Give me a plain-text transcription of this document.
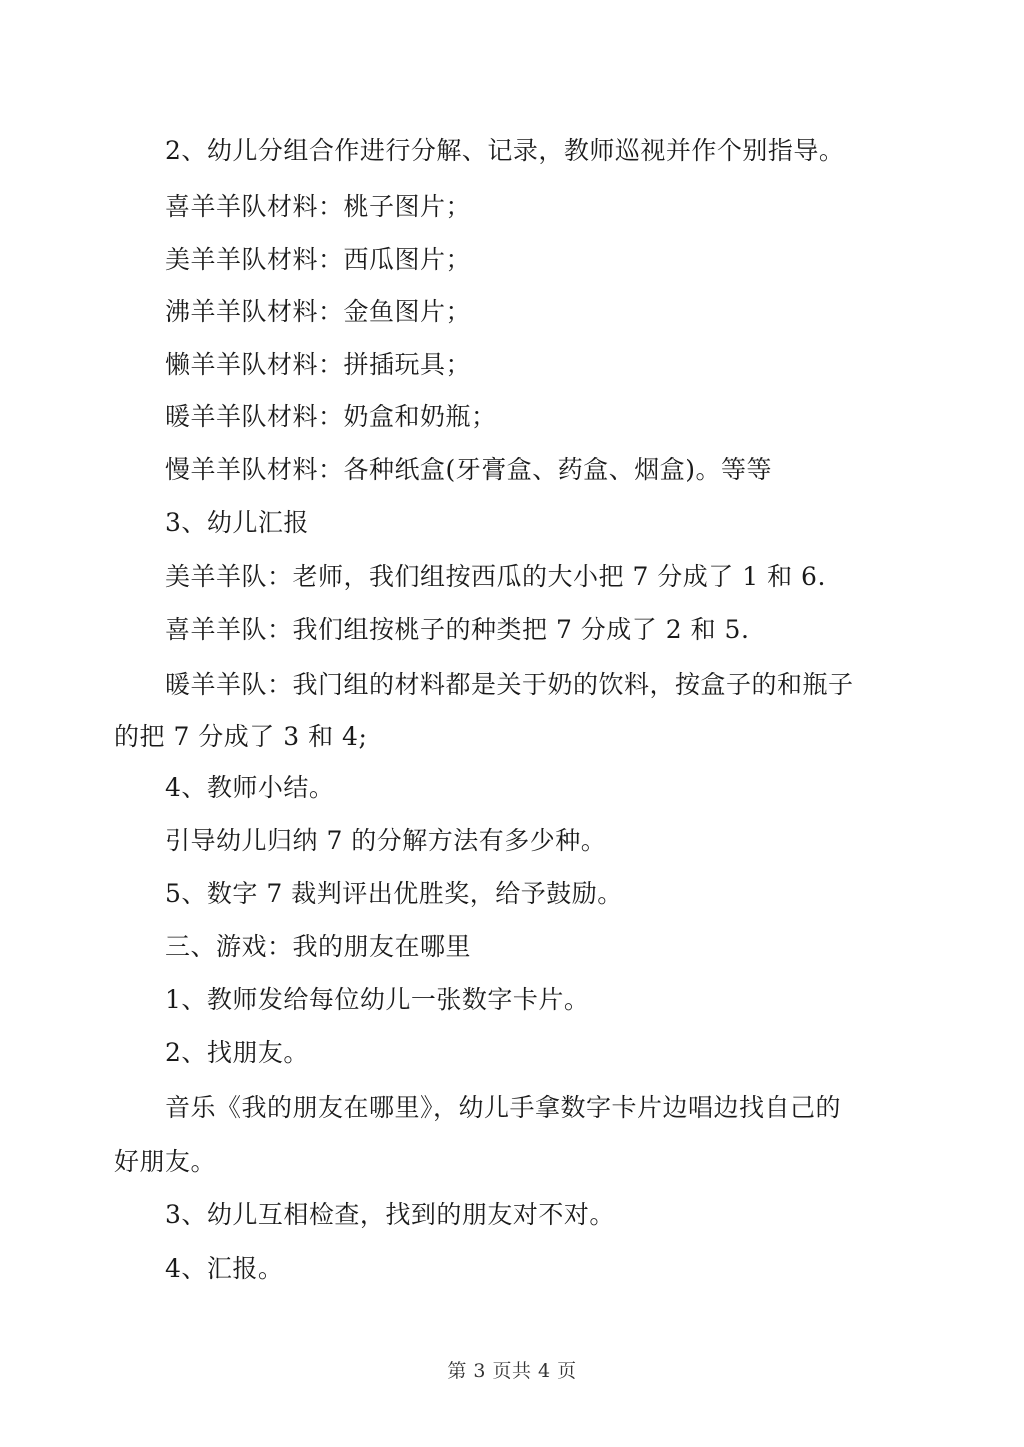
2、幼儿分组合作进行分解、记录，教师巡视并作个别指导。
喜羊羊队材料：桃子图片；
美羊羊队材料：西瓜图片；
沸羊羊队材料：金鱼图片；
懒羊羊队材料：拼插玩具；
暖羊羊队材料：奶盒和奶瓶；
慢羊羊队材料：各种纸盒(牙膏盒、药盒、烟盒)。等等
3、幼儿汇报
美羊羊队：老师，我们组按西瓜的大小把 7 分成了 1 和 6.
喜羊羊队：我们组按桃子的种类把 7 分成了 2 和 5.
暖羊羊队：我门组的材料都是关于奶的饮料，按盒子的和瓶子
的把 7 分成了 3 和 4;
4、教师小结。
引导幼儿归纳 7 的分解方法有多少种。
5、数字 7 裁判评出优胜奖，给予鼓励。
三、游戏：我的朋友在哪里
1、教师发给每位幼儿一张数字卡片。
2、找朋友。
音乐《我的朋友在哪里》，幼儿手拿数字卡片边唱边找自己的
好朋友。
3、幼儿互相检查，找到的朋友对不对。
4、汇报。
第 3 页共 4 页
